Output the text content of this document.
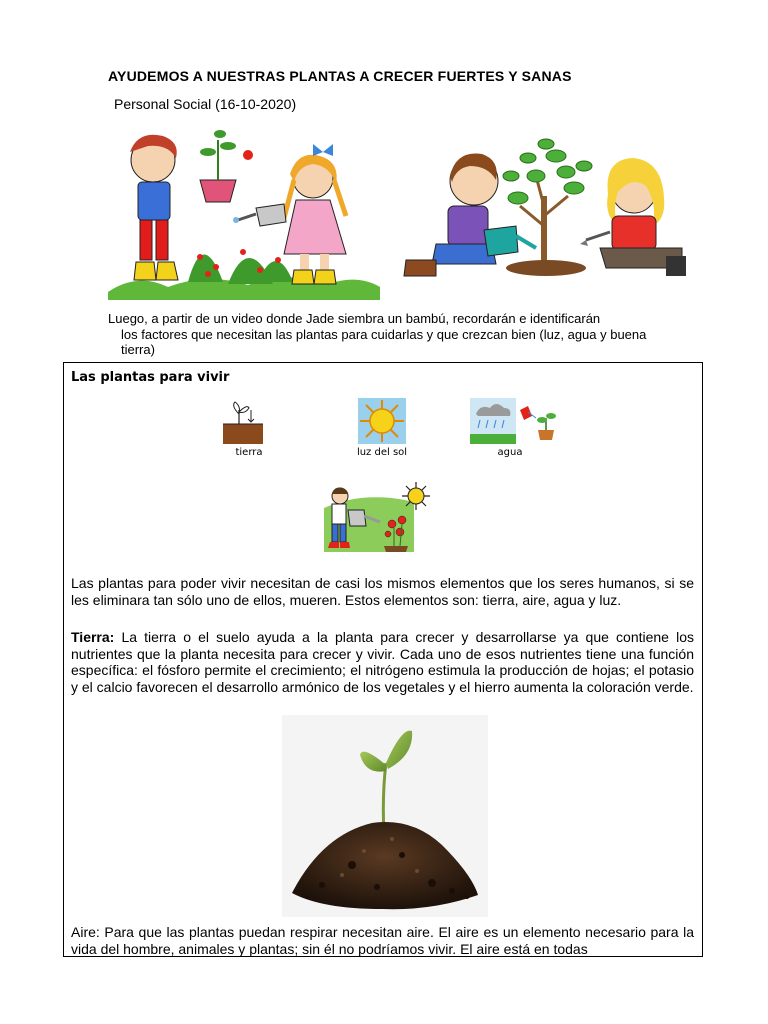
AYUDEMOS A NUESTRAS PLANTAS A CRECER FUERTES Y SANAS
Personal Social (16-10-2020)
Luego, a partir de un video donde Jade siembra un bambú, recordarán e identificarán
los factores que necesitan las plantas para cuidarlas y que crezcan bien (luz, agua y buena tierra)
Las plantas para vivir
tierra	luz del sol	agua
Las plantas para poder vivir necesitan de casi los mismos elementos que los seres humanos, si se les eliminara tan sólo uno de ellos, mueren. Estos elementos son: tierra, aire, agua y luz.
Tierra: La tierra o el suelo ayuda a la planta para crecer y desarrollarse ya que contiene los nutrientes que la planta necesita para crecer y vivir. Cada uno de esos nutrientes tiene una función específica: el fósforo permite el crecimiento; el nitrógeno estimula la producción de hojas; el potasio y el calcio favorecen el desarrollo armónico de los vegetales y el hierro aumenta la coloración verde.
Aire: Para que las plantas puedan respirar necesitan aire. El aire es un elemento necesario para la vida del hombre, animales y plantas; sin él no podríamos vivir. El aire está en todas
